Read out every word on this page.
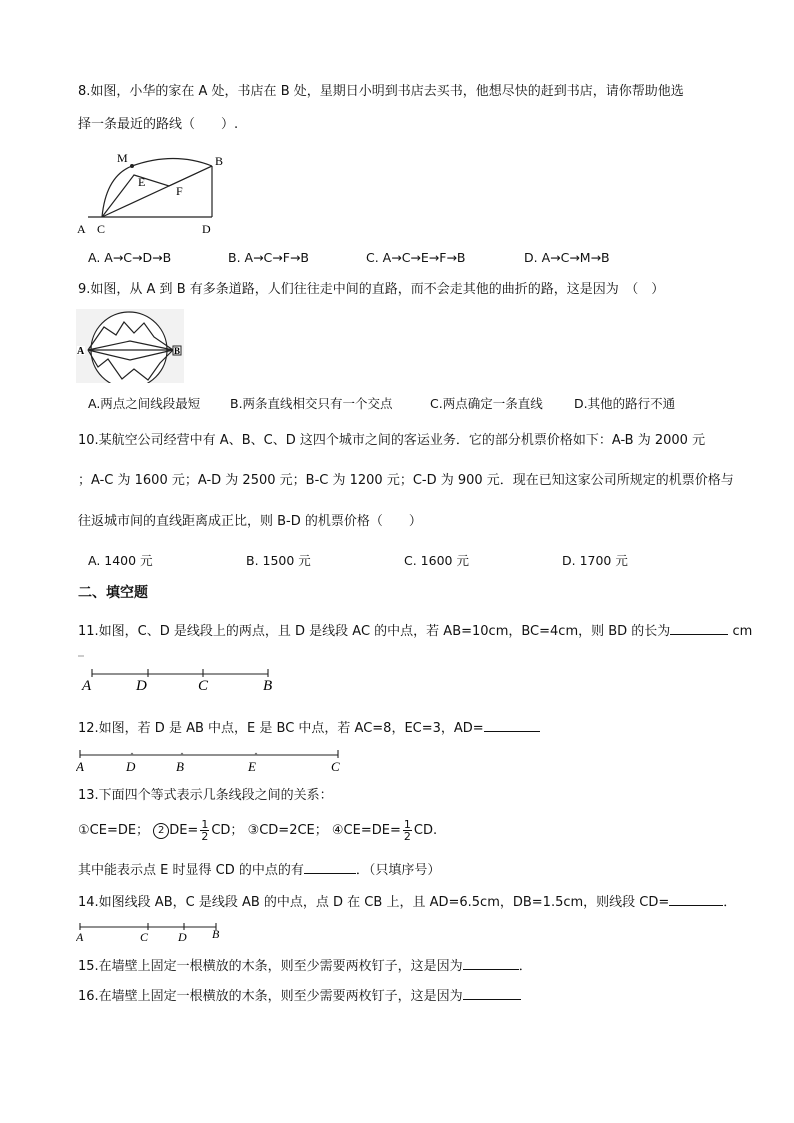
8.如图，小华的家在 A 处，书店在 B 处，星期日小明到书店去买书，他想尽快的赶到书店，请你帮助他选
择一条最近的路线（　　）.
M	B
E
F
A C	D
A. A→C→D→B	B. A→C→F→B	C. A→C→E→F→B	D. A→C→M→B
9.如图，从 A 到 B 有多条道路，人们往往走中间的直路，而不会走其他的曲折的路，这是因为　（　）
A	B
A.两点之间线段最短 B.两条直线相交只有一个交点	C.两点确定一条直线	D.其他的路行不通
10.某航空公司经营中有 A、B、C、D 这四个城市之间的客运业务．它的部分机票价格如下：A-B 为 2000 元
；A-C 为 1600 元；A-D 为 2500 元；B-C 为 1200 元；C-D 为 900 元．现在已知这家公司所规定的机票价格与
往返城市间的直线距离成正比，则 B-D 的机票价格（　　）
A. 1400 元	B. 1500 元	C. 1600 元	D. 1700 元
二、填空题
11.如图，C、D 是线段上的两点，且 D 是线段 AC 的中点，若 AB=10cm，BC=4cm，则 BD 的长为	cm
A	D	C	B
12.如图，若 D 是 AB 中点，E 是 BC 中点，若 AC=8，EC=3，AD=
A	D	B	E	C
13.下面四个等式表示几条线段之间的关系：
①CE=DE； 2 $DE= \frac{1}{2}$ CD； ③CD=2CE； ④CE=DE= $\frac{1}{2}$ CD.
其中能表示点 E 时显得 CD 的中点的有	．（只填序号）
14.如图线段 AB，C 是线段 AB 的中点，点 D 在 CB 上，且 AD=6.5cm，DB=1.5cm，则线段 CD=	．
A	C D B
15.在墙壁上固定一根横放的木条，则至少需要两枚钉子，这是因为	．
16.在墙壁上固定一根横放的木条，则至少需要两枚钉子，这是因为
